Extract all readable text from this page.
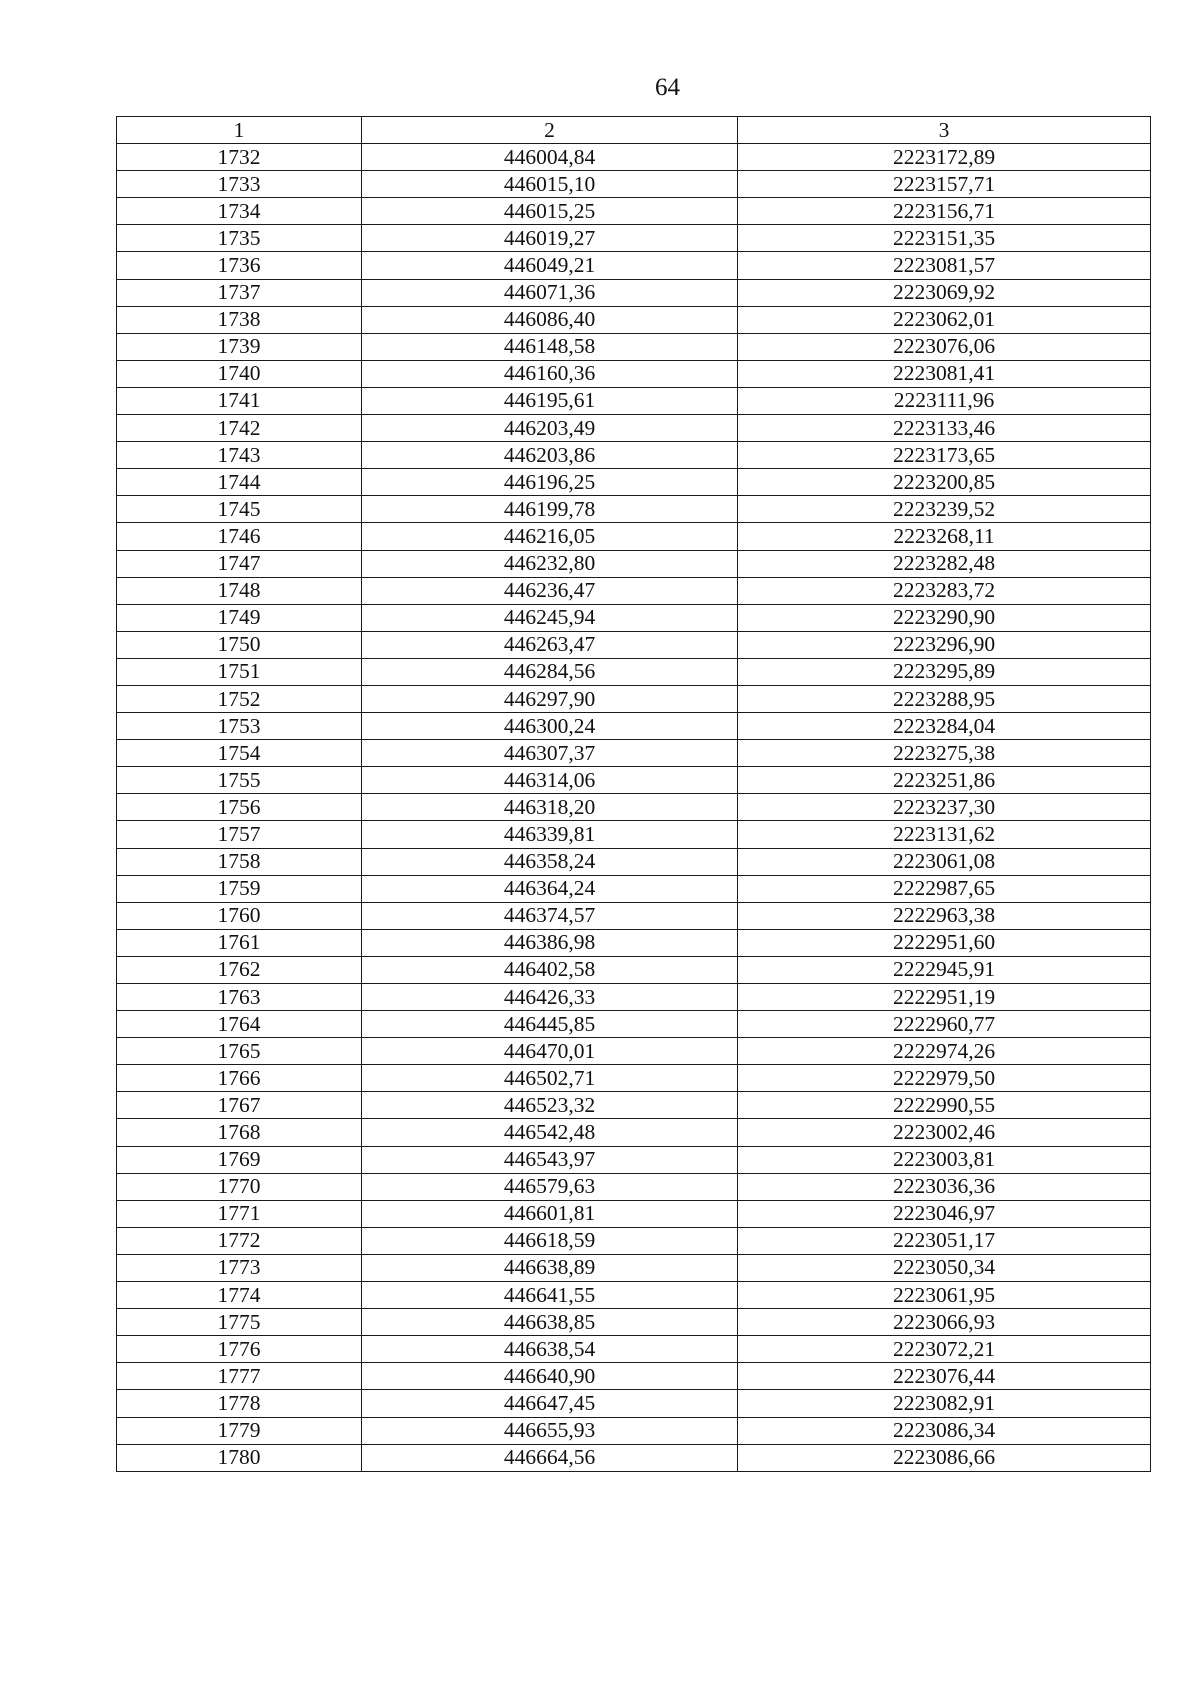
64
1	2	3
1732	446004,84	2223172,89
1733	446015,10	2223157,71
1734	446015,25	2223156,71
1735	446019,27	2223151,35
1736	446049,21	2223081,57
1737	446071,36	2223069,92
1738	446086,40	2223062,01
1739	446148,58	2223076,06
1740	446160,36	2223081,41
1741	446195,61	2223111,96
1742	446203,49	2223133,46
1743	446203,86	2223173,65
1744	446196,25	2223200,85
1745	446199,78	2223239,52
1746	446216,05	2223268,11
1747	446232,80	2223282,48
1748	446236,47	2223283,72
1749	446245,94	2223290,90
1750	446263,47	2223296,90
1751	446284,56	2223295,89
1752	446297,90	2223288,95
1753	446300,24	2223284,04
1754	446307,37	2223275,38
1755	446314,06	2223251,86
1756	446318,20	2223237,30
1757	446339,81	2223131,62
1758	446358,24	2223061,08
1759	446364,24	2222987,65
1760	446374,57	2222963,38
1761	446386,98	2222951,60
1762	446402,58	2222945,91
1763	446426,33	2222951,19
1764	446445,85	2222960,77
1765	446470,01	2222974,26
1766	446502,71	2222979,50
1767	446523,32	2222990,55
1768	446542,48	2223002,46
1769	446543,97	2223003,81
1770	446579,63	2223036,36
1771	446601,81	2223046,97
1772	446618,59	2223051,17
1773	446638,89	2223050,34
1774	446641,55	2223061,95
1775	446638,85	2223066,93
1776	446638,54	2223072,21
1777	446640,90	2223076,44
1778	446647,45	2223082,91
1779	446655,93	2223086,34
1780	446664,56	2223086,66
